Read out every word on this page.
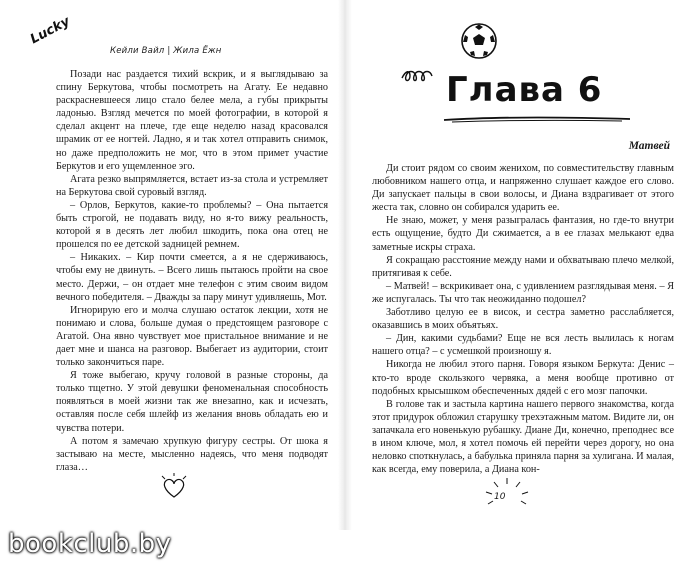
Lucky
Кейли Вайл | Жила Ёжн

Позади нас раздается тихий вскрик, и я выглядываю за спину Беркутова, чтобы посмотреть на Агату. Ее недавно раскрасневшееся лицо стало белее мела, а губы прикрыты ладонью. Взгляд мечется по моей фотографии, в которой я сделал акцент на плече, где еще неделю назад красовался шрамик от ее ногтей. Ладно, я и так хотел отправить снимок, но даже предположить не мог, что в этом примет участие Беркутов и его ущемленное эго.

Агата резко выпрямляется, встает из-за стола и устремляет на Беркутова свой суровый взгляд.

– Орлов, Беркутов, какие-то проблемы? – Она пытается быть строгой, не подавать виду, но я-то вижу реальность, которой я в десять лет любил шкодить, пока она отец не прошелся по ее детской задницей ремнем.

– Никаких. – Кир почти смеется, а я не сдерживаюсь, чтобы ему не двинуть. – Всего лишь пытаюсь пройти на свое место. Держи, – он отдает мне телефон с этим своим видом вечного победителя. – Дважды за пару минут удивляешь, Мот.

Игнорирую его и молча слушаю остаток лекции, хотя не понимаю и слова, больше думая о предстоящем разговоре с Агатой. Она явно чувствует мое пристальное внимание и не дает мне и шанса на разговор. Выбегает из аудитории, стоит только закончиться паре.

Я тоже выбегаю, кручу головой в разные стороны, да только тщетно. У этой девушки феноменальная способность появляться в моей жизни так же внезапно, как и исчезать, оставляя после себя шлейф из желания вновь обладать ею и чувства потери.

А потом я замечаю хрупкую фигуру сестры. От шока я застываю на месте, мысленно надеясь, что меня подводят глаза…

Глава 6
Матвей

Ди стоит рядом со своим женихом, по совместительству главным любовником нашего отца, и напряженно слушает каждое его слово. Ди запускает пальцы в свои волосы, и Диана вздрагивает от этого жеста так, словно он собирался ударить ее.

Не знаю, может, у меня разыгралась фантазия, но где-то внутри есть ощущение, будто Ди сжимается, а в ее глазах мелькают едва заметные искры страха.

Я сокращаю расстояние между нами и обхватываю плечо мелкой, притягивая к себе.

– Матвей! – вскрикивает она, с удивлением разглядывая меня. – Я же испугалась. Ты что так неожиданно подошел?

Заботливо целую ее в висок, и сестра заметно расслабляется, оказавшись в моих объятьях.

– Дин, какими судьбами? Еще не вся лесть вылилась к ногам нашего отца? – с усмешкой произношу я.

Никогда не любил этого парня. Говоря языком Беркута: Денис – кто-то вроде скользкого червяка, а меня вообще противно от подобных крысышком обеспеченных дядей с его мозг папочки.

В голове так и застыла картина нашего первого знакомства, когда этот придурок обложил старушку трехэтажным матом. Видите ли, он запачкала его новенькую рубашку. Диане Ди, конечно, преподнес все в ином ключе, мол, я хотел помочь ей перейти через дорогу, но она неловко споткнулась, а бабулька приняла парня за хулигана. И малая, как всегда, ему поверила, а Диана кон-

10
bookclub.by
